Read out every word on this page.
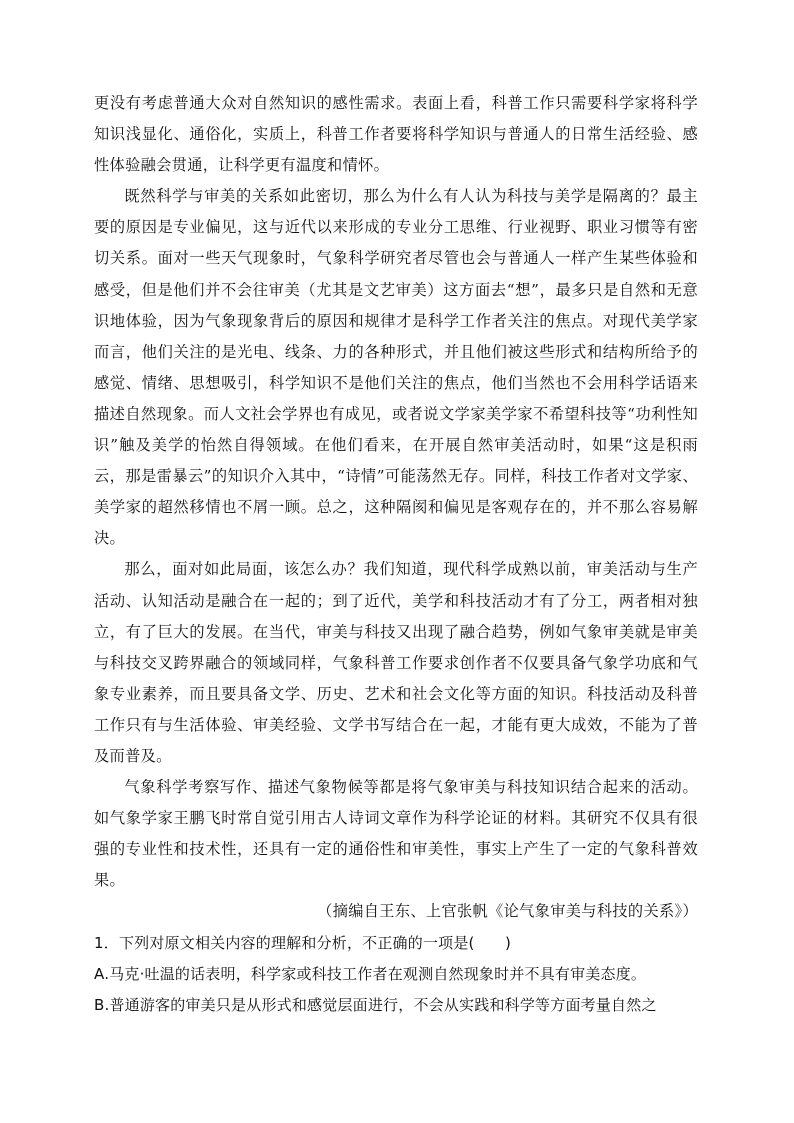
更没有考虑普通大众对自然知识的感性需求。表面上看，科普工作只需要科学家将科学知识浅显化、通俗化，实质上，科普工作者要将科学知识与普通人的日常生活经验、感性体验融会贯通，让科学更有温度和情怀。

既然科学与审美的关系如此密切，那么为什么有人认为科技与美学是隔离的？最主要的原因是专业偏见，这与近代以来形成的专业分工思维、行业视野、职业习惯等有密切关系。面对一些天气现象时，气象科学研究者尽管也会与普通人一样产生某些体验和感受，但是他们并不会往审美（尤其是文艺审美）这方面去“想”，最多只是自然和无意识地体验，因为气象现象背后的原因和规律才是科学工作者关注的焦点。对现代美学家而言，他们关注的是光电、线条、力的各种形式，并且他们被这些形式和结构所给予的感觉、情绪、思想吸引，科学知识不是他们关注的焦点，他们当然也不会用科学话语来描述自然现象。而人文社会学界也有成见，或者说文学家美学家不希望科技等“功利性知识”触及美学的怡然自得领域。在他们看来，在开展自然审美活动时，如果“这是积雨云，那是雷暴云”的知识介入其中，“诗情”可能荡然无存。同样，科技工作者对文学家、美学家的超然移情也不屑一顾。总之，这种隔阂和偏见是客观存在的，并不那么容易解决。

那么，面对如此局面，该怎么办？我们知道，现代科学成熟以前，审美活动与生产活动、认知活动是融合在一起的；到了近代，美学和科技活动才有了分工，两者相对独立，有了巨大的发展。在当代，审美与科技又出现了融合趋势，例如气象审美就是审美与科技交叉跨界融合的领域同样，气象科普工作要求创作者不仅要具备气象学功底和气象专业素养，而且要具备文学、历史、艺术和社会文化等方面的知识。科技活动及科普工作只有与生活体验、审美经验、文学书写结合在一起，才能有更大成效，不能为了普及而普及。

气象科学考察写作、描述气象物候等都是将气象审美与科技知识结合起来的活动。如气象学家王鹏飞时常自觉引用古人诗词文章作为科学论证的材料。其研究不仅具有很强的专业性和技术性，还具有一定的通俗性和审美性，事实上产生了一定的气象科普效果。

（摘编自王东、上官张帆《论气象审美与科技的关系》）

1．下列对原文相关内容的理解和分析，不正确的一项是(　　)

A.马克·吐温的话表明，科学家或科技工作者在观测自然现象时并不具有审美态度。

B.普通游客的审美只是从形式和感觉层面进行，不会从实践和科学等方面考量自然之
